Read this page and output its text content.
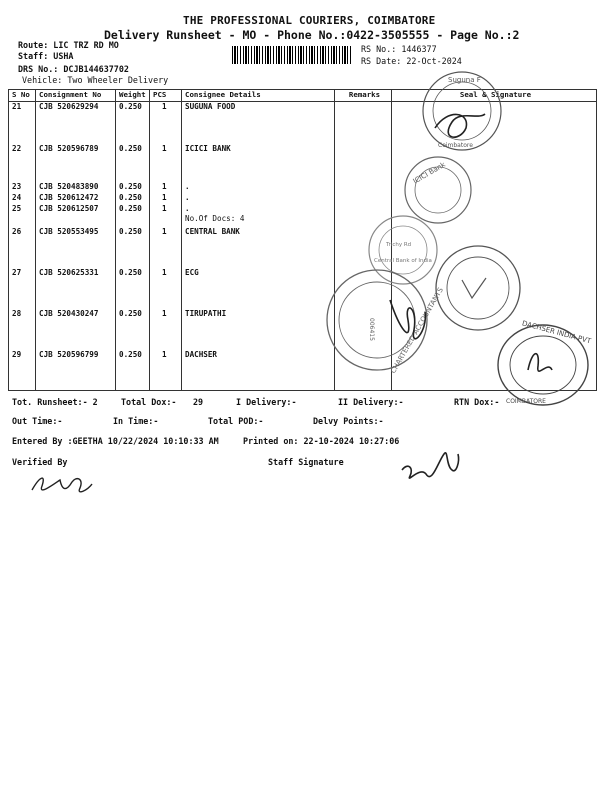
THE PROFESSIONAL COURIERS, COIMBATORE
Delivery Runsheet - MO - Phone No.:0422-3505555 - Page No.:2
Route: LIC TRZ RD MO
Staff: USHA
DRS No.: DCJB144637702
Vehicle: Two Wheeler Delivery
RS No.: 1446377
RS Date: 22-Oct-2024
S No	Consignment No	Weight	PCS	Consignee Details	Remarks	Seal & Signature
21	CJB 520629294	0.250	1	SUGUNA FOOD		
22	CJB 520596789	0.250	1	ICICI BANK		
23	CJB 520483890	0.250	1	.		
24	CJB 520612472	0.250	1	.		
25	CJB 520612507	0.250	1	.		
				No.Of Docs: 4		
26	CJB 520553495	0.250	1	CENTRAL BANK		
27	CJB 520625331	0.250	1	ECG		
28	CJB 520430247	0.250	1	TIRUPATHI		
29	CJB 520596799	0.250	1	DACHSER		
Tot. Runsheet:- 2	Total Dox:- 29	I Delivery:-	II Delivery:-	RTN Dox:-
Out Time:-	In Time:-	Total POD:-	Delvy Points:-
Entered By :GEETHA 10/22/2024 10:10:33 AM	Printed on: 22-10-2024 10:27:06
Verified By	Staff Signature
Suguna F
Coimbatore
ICICI Bank
Trichy Rd
Central Bank of India
CHARTERED ACCOUNTANTS
006415	DACHSER INDIA PVT
COIMBATORE
